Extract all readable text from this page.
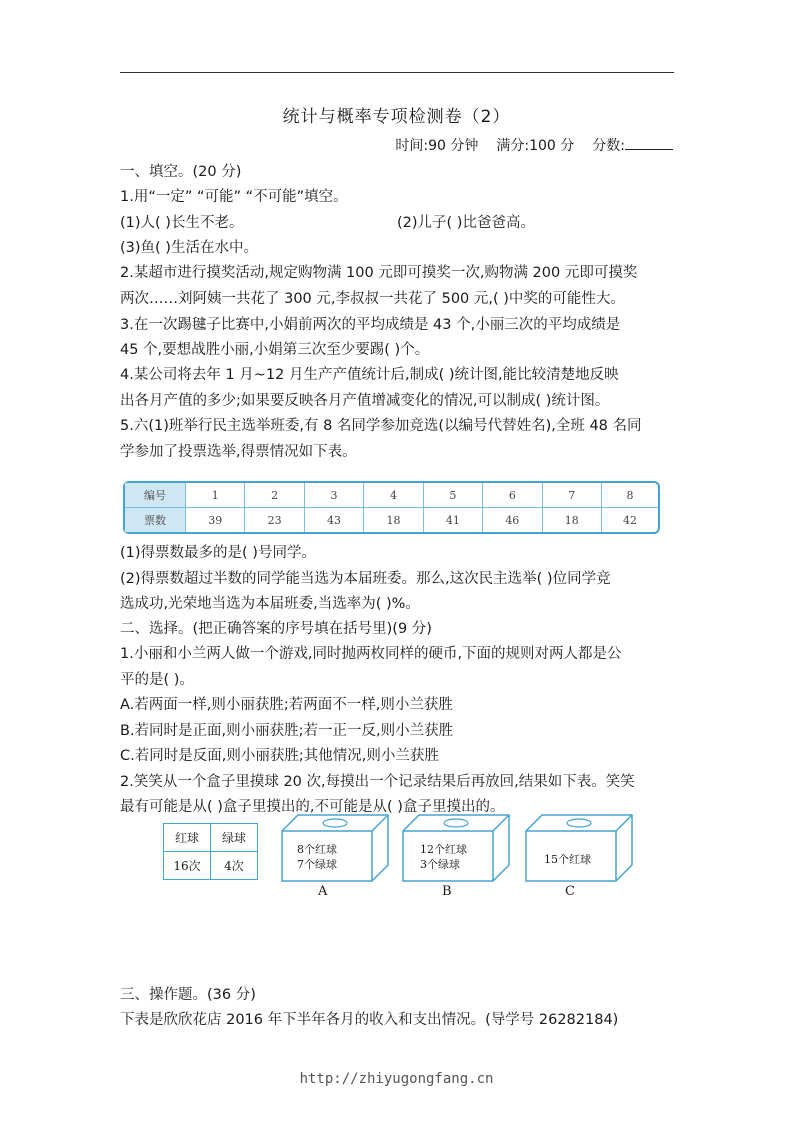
统计与概率专项检测卷（2）
时间:90 分钟 满分:100 分 分数:
一、填空。(20 分)
1.用“一定” “可能” “不可能”填空。
(1)人( )长生不老。	(2)儿子( )比爸爸高。
(3)鱼( )生活在水中。
2.某超市进行摸奖活动,规定购物满 100 元即可摸奖一次,购物满 200 元即可摸奖
两次……刘阿姨一共花了 300 元,李叔叔一共花了 500 元,( )中奖的可能性大。
3.在一次踢毽子比赛中,小娟前两次的平均成绩是 43 个,小丽三次的平均成绩是
45 个,要想战胜小丽,小娟第三次至少要踢( )个。
4.某公司将去年 1 月~12 月生产产值统计后,制成( )统计图,能比较清楚地反映
出各月产值的多少;如果要反映各月产值增减变化的情况,可以制成( )统计图。
5.六(1)班举行民主选举班委,有 8 名同学参加竞选(以编号代替姓名),全班 48 名同
学参加了投票选举,得票情况如下表。
编号	1	2	3	4	5	6	7	8
票数	39	23	43	18	41	46	18	42
(1)得票数最多的是( )号同学。
(2)得票数超过半数的同学能当选为本届班委。那么,这次民主选举( )位同学竞
选成功,光荣地当选为本届班委,当选率为( )%。
二、选择。(把正确答案的序号填在括号里)(9 分)
1.小丽和小兰两人做一个游戏,同时抛两枚同样的硬币,下面的规则对两人都是公
平的是( )。
A.若两面一样,则小丽获胜;若两面不一样,则小兰获胜
B.若同时是正面,则小丽获胜;若一正一反,则小兰获胜
C.若同时是反面,则小丽获胜;其他情况,则小兰获胜
2.笑笑从一个盒子里摸球 20 次,每摸出一个记录结果后再放回,结果如下表。笑笑
最有可能是从( )盒子里摸出的,不可能是从( )盒子里摸出的。
红球	绿球
16次	4次
8个红球
7个绿球
A
12个红球
3个绿球
B
15个红球
C
三、操作题。(36 分)
下表是欣欣花店 2016 年下半年各月的收入和支出情况。(导学号 26282184)
http://zhiyugongfang.cn
